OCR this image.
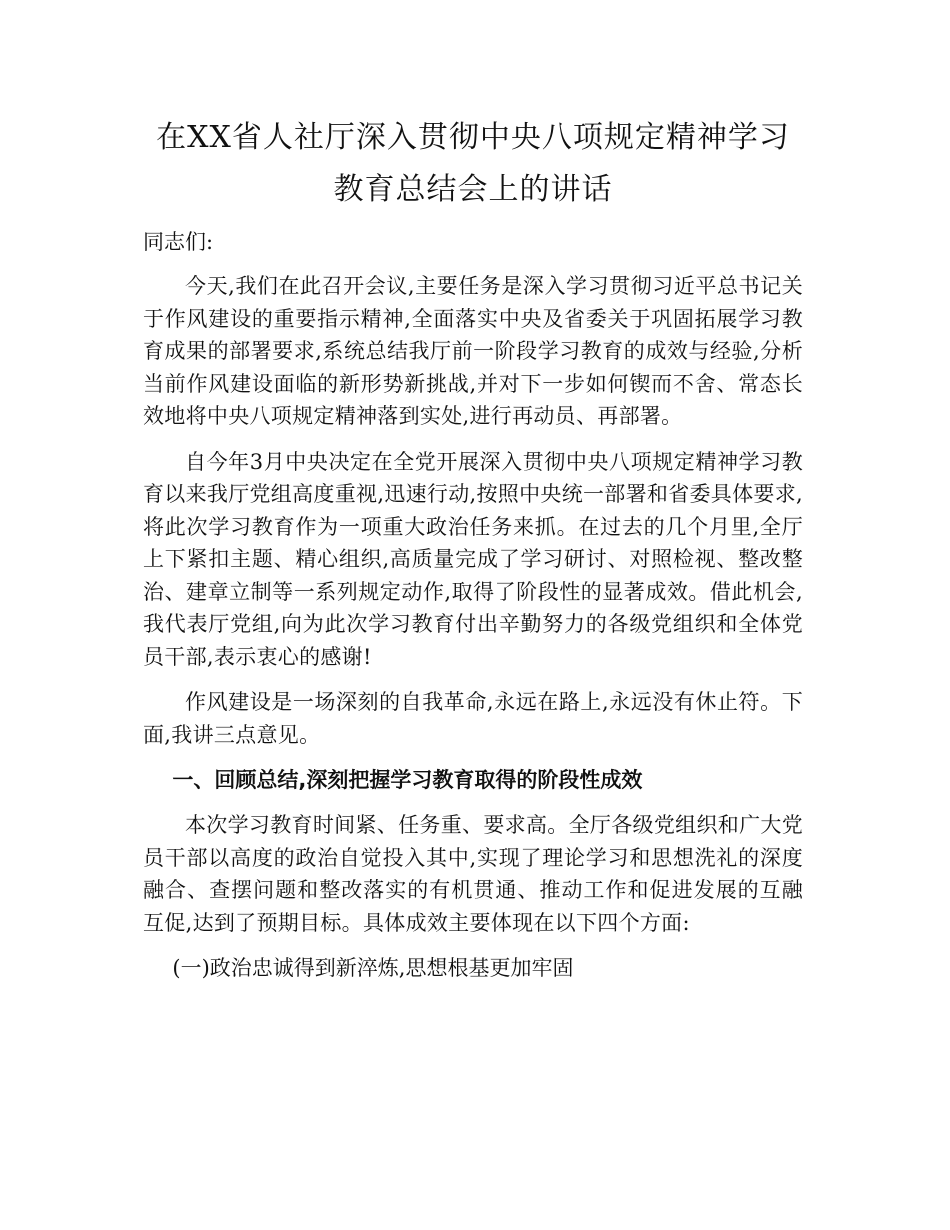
在XX省人社厅深入贯彻中央八项规定精神学习教育总结会上的讲话

同志们:

今天,我们在此召开会议,主要任务是深入学习贯彻习近平总书记关于作风建设的重要指示精神,全面落实中央及省委关于巩固拓展学习教育成果的部署要求,系统总结我厅前一阶段学习教育的成效与经验,分析当前作风建设面临的新形势新挑战,并对下一步如何锲而不舍、常态长效地将中央八项规定精神落到实处,进行再动员、再部署。

自今年3月中央决定在全党开展深入贯彻中央八项规定精神学习教育以来我厅党组高度重视,迅速行动,按照中央统一部署和省委具体要求,将此次学习教育作为一项重大政治任务来抓。在过去的几个月里,全厅上下紧扣主题、精心组织,高质量完成了学习研讨、对照检视、整改整治、建章立制等一系列规定动作,取得了阶段性的显著成效。借此机会,我代表厅党组,向为此次学习教育付出辛勤努力的各级党组织和全体党员干部,表示衷心的感谢!

作风建设是一场深刻的自我革命,永远在路上,永远没有休止符。下面,我讲三点意见。

一、回顾总结,深刻把握学习教育取得的阶段性成效

本次学习教育时间紧、任务重、要求高。全厅各级党组织和广大党员干部以高度的政治自觉投入其中,实现了理论学习和思想洗礼的深度融合、查摆问题和整改落实的有机贯通、推动工作和促进发展的互融互促,达到了预期目标。具体成效主要体现在以下四个方面:

(一)政治忠诚得到新淬炼,思想根基更加牢固
